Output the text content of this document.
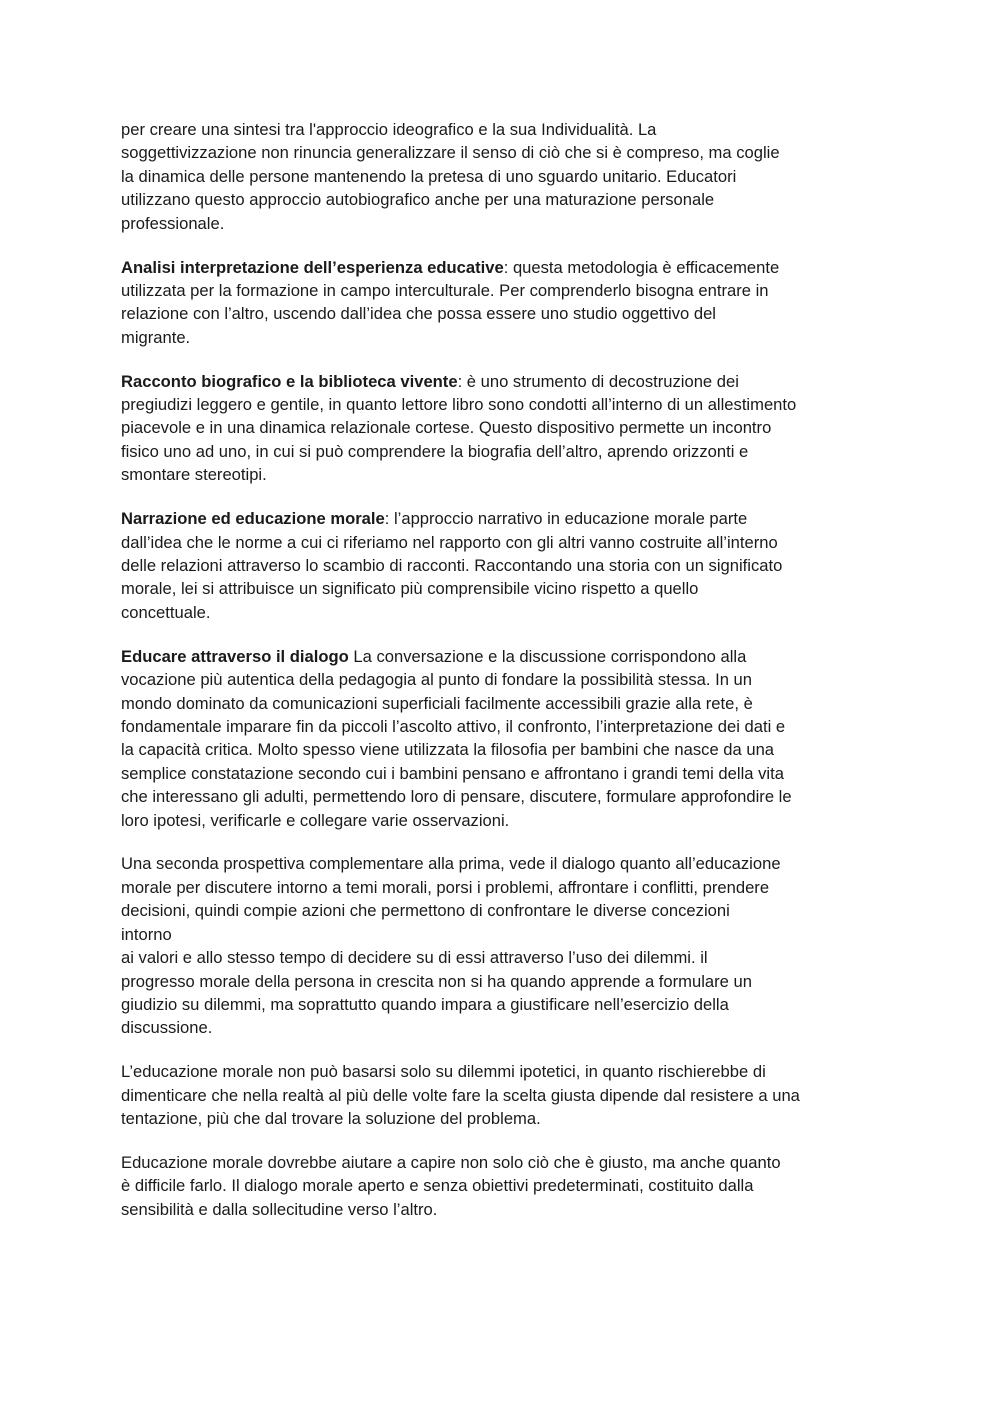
per creare una sintesi tra l'approccio ideografico e la sua Individualità. La
soggettivizzazione non rinuncia generalizzare il senso di ciò che si è compreso, ma coglie
la dinamica delle persone mantenendo la pretesa di uno sguardo unitario. Educatori
utilizzano questo approccio autobiografico anche per una maturazione personale
professionale.

Analisi interpretazione dell’esperienza educative: questa metodologia è efficacemente
utilizzata per la formazione in campo interculturale. Per comprenderlo bisogna entrare in
relazione con l’altro, uscendo dall’idea che possa essere uno studio oggettivo del
migrante.

Racconto biografico e la biblioteca vivente: è uno strumento di decostruzione dei
pregiudizi leggero e gentile, in quanto lettore libro sono condotti all’interno di un allestimento
piacevole e in una dinamica relazionale cortese. Questo dispositivo permette un incontro
fisico uno ad uno, in cui si può comprendere la biografia dell’altro, aprendo orizzonti e
smontare stereotipi.

Narrazione ed educazione morale: l’approccio narrativo in educazione morale parte
dall’idea che le norme a cui ci riferiamo nel rapporto con gli altri vanno costruite all’interno
delle relazioni attraverso lo scambio di racconti. Raccontando una storia con un significato
morale, lei si attribuisce un significato più comprensibile vicino rispetto a quello
concettuale.

Educare attraverso il dialogo La conversazione e la discussione corrispondono alla
vocazione più autentica della pedagogia al punto di fondare la possibilità stessa. In un
mondo dominato da comunicazioni superficiali facilmente accessibili grazie alla rete, è
fondamentale imparare fin da piccoli l’ascolto attivo, il confronto, l’interpretazione dei dati e
la capacità critica. Molto spesso viene utilizzata la filosofia per bambini che nasce da una
semplice constatazione secondo cui i bambini pensano e affrontano i grandi temi della vita
che interessano gli adulti, permettendo loro di pensare, discutere, formulare approfondire le
loro ipotesi, verificarle e collegare varie osservazioni.

Una seconda prospettiva complementare alla prima, vede il dialogo quanto all’educazione
morale per discutere intorno a temi morali, porsi i problemi, affrontare i conflitti, prendere
decisioni, quindi compie azioni che permettono di confrontare le diverse concezioni
intorno
ai valori e allo stesso tempo di decidere su di essi attraverso l’uso dei dilemmi. il
progresso morale della persona in crescita non si ha quando apprende a formulare un
giudizio su dilemmi, ma soprattutto quando impara a giustificare nell’esercizio della
discussione.

L’educazione morale non può basarsi solo su dilemmi ipotetici, in quanto rischierebbe di
dimenticare che nella realtà al più delle volte fare la scelta giusta dipende dal resistere a una
tentazione, più che dal trovare la soluzione del problema.

Educazione morale dovrebbe aiutare a capire non solo ciò che è giusto, ma anche quanto
è difficile farlo. Il dialogo morale aperto e senza obiettivi predeterminati, costituito dalla
sensibilità e dalla sollecitudine verso l’altro.
